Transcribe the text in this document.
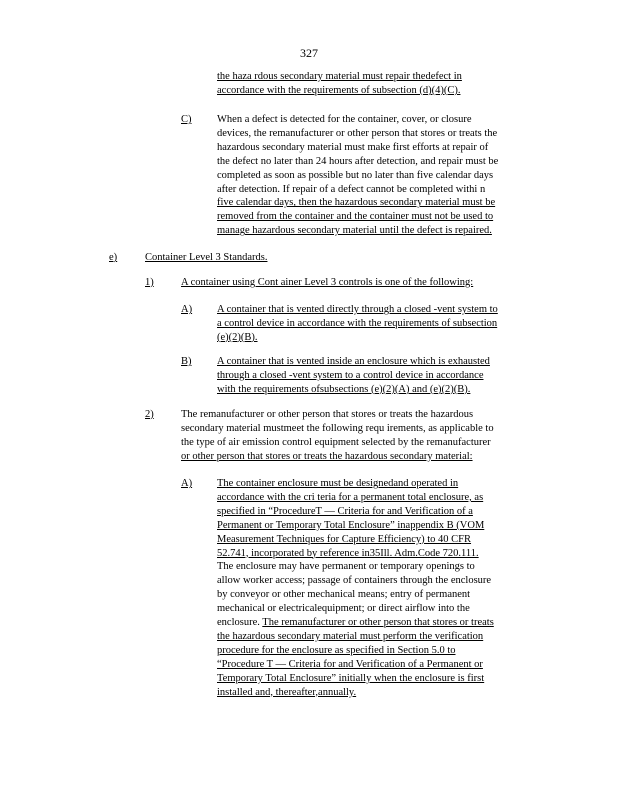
327
the haza rdous secondary material must repair thedefect in
accordance with the requirements of subsection (d)(4)(C).
C) When a defect is detected for the container, cover, or closure
devices, the remanufacturer or other person that stores or treats the
hazardous secondary material must make first efforts at repair of
the defect no later than 24 hours after detection, and repair must be
completed as soon as possible but no later than five calendar days
after detection. If repair of a defect cannot be completed withi n
five calendar days, then the hazardous secondary material must be
removed from the container and the container must not be used to
manage hazardous secondary material until the defect is repaired.
e)	Container Level 3 Standards.
1)	A container using Cont ainer Level 3 controls is one of the following:
A) A container that is vented directly through a closed -vent system to
a control device in accordance with the requirements of subsection
(e)(2)(B).
B) A container that is vented inside an enclosure which is exhausted
through a closed -vent system to a control device in accordance
with the requirements ofsubsections (e)(2)(A) and (e)(2)(B).
2)	The remanufacturer or other person that stores or treats the hazardous
secondary material mustmeet the following requ irements, as applicable to
the type of air emission control equipment selected by the remanufacturer
or other person that stores or treats the hazardous secondary material:
A) The container enclosure must be designedand operated in
accordance with the cri teria for a permanent total enclosure, as
specified in “ProcedureT — Criteria for and Verification of a
Permanent or Temporary Total Enclosure” inappendix B (VOM
Measurement Techniques for Capture Efficiency) to 40 CFR
52.741, incorporated by reference in35Ill. Adm.Code 720.111.
The enclosure may have permanent or temporary openings to
allow worker access; passage of containers through the enclosure
by conveyor or other mechanical means; entry of permanent
mechanical or electricalequipment; or direct airflow into the
enclosure. The remanufacturer or other person that stores or treats
the hazardous secondary material must perform the verification
procedure for the enclosure as specified in Section 5.0 to
“Procedure T — Criteria for and Verification of a Permanent or
Temporary Total Enclosure” initially when the enclosure is first
installed and, thereafter,annually.
